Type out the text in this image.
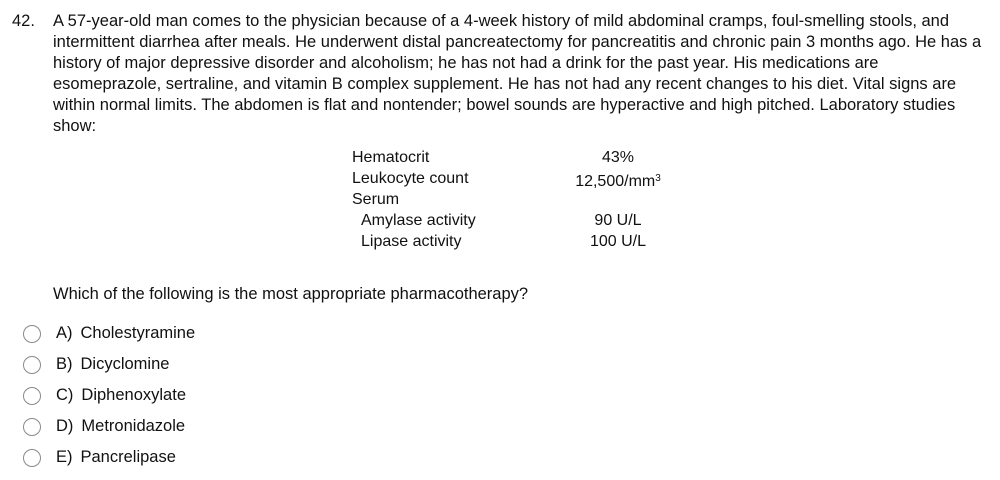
42. A 57-year-old man comes to the physician because of a 4-week history of mild abdominal cramps, foul-smelling stools, and intermittent diarrhea after meals. He underwent distal pancreatectomy for pancreatitis and chronic pain 3 months ago. He has a history of major depressive disorder and alcoholism; he has not had a drink for the past year. His medications are esomeprazole, sertraline, and vitamin B complex supplement. He has not had any recent changes to his diet. Vital signs are within normal limits. The abdomen is flat and nontender; bowel sounds are hyperactive and high pitched. Laboratory studies show:
Hematocrit	43%
Leukocyte count	$12,500/mm^3$
Serum
Amylase activity	90 U/L
Lipase activity	100 U/L
Which of the following is the most appropriate pharmacotherapy?
A) Cholestyramine
B) Dicyclomine
C) Diphenoxylate
D) Metronidazole
E) Pancrelipase
